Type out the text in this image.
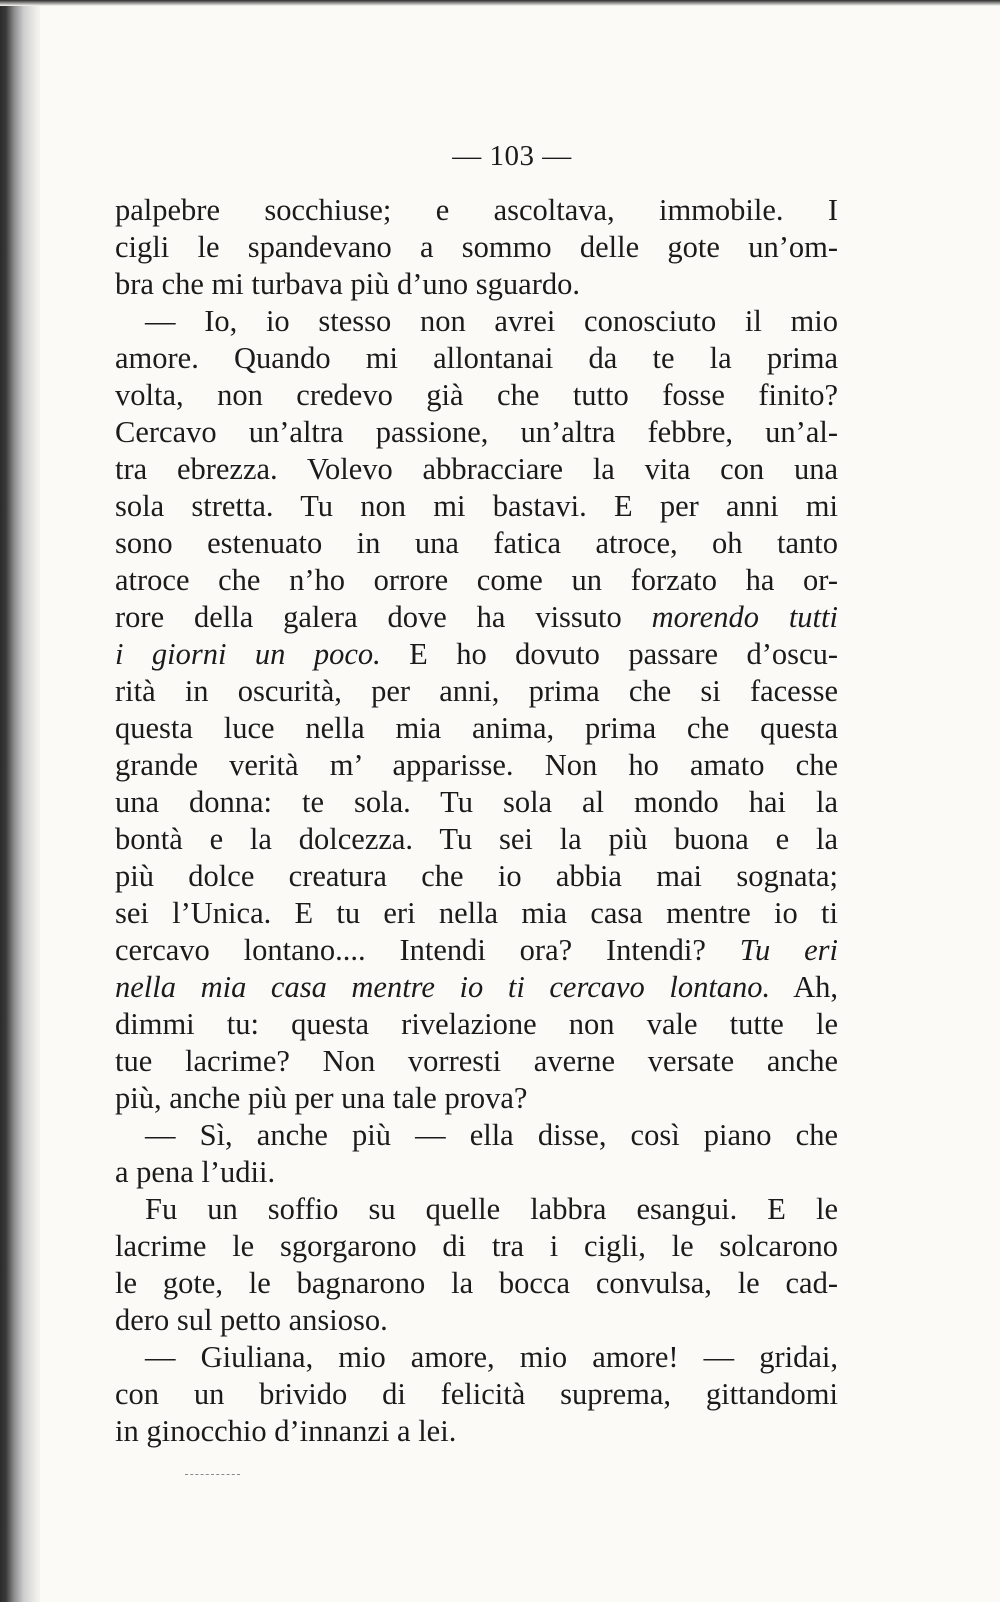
— 103 —
palpebre socchiuse; e ascoltava, immobile. I
cigli le spandevano a sommo delle gote un’om-
bra che mi turbava più d’uno sguardo.
— Io, io stesso non avrei conosciuto il mio
amore. Quando mi allontanai da te la prima
volta, non credevo già che tutto fosse finito?
Cercavo un’altra passione, un’altra febbre, un’al-
tra ebrezza. Volevo abbracciare la vita con una
sola stretta. Tu non mi bastavi. E per anni mi
sono estenuato in una fatica atroce, oh tanto
atroce che n’ho orrore come un forzato ha or-
rore della galera dove ha vissuto morendo tutti
i giorni un poco. E ho dovuto passare d’oscu-
rità in oscurità, per anni, prima che si facesse
questa luce nella mia anima, prima che questa
grande verità m’ apparisse. Non ho amato che
una donna: te sola. Tu sola al mondo hai la
bontà e la dolcezza. Tu sei la più buona e la
più dolce creatura che io abbia mai sognata;
sei l’Unica. E tu eri nella mia casa mentre io ti
cercavo lontano.... Intendi ora? Intendi? Tu eri
nella mia casa mentre io ti cercavo lontano. Ah,
dimmi tu: questa rivelazione non vale tutte le
tue lacrime? Non vorresti averne versate anche
più, anche più per una tale prova?
— Sì, anche più — ella disse, così piano che
a pena l’udii.
Fu un soffio su quelle labbra esangui. E le
lacrime le sgorgarono di tra i cigli, le solcarono
le gote, le bagnarono la bocca convulsa, le cad-
dero sul petto ansioso.
— Giuliana, mio amore, mio amore! — gridai,
con un brivido di felicità suprema, gittandomi
in ginocchio d’innanzi a lei.
